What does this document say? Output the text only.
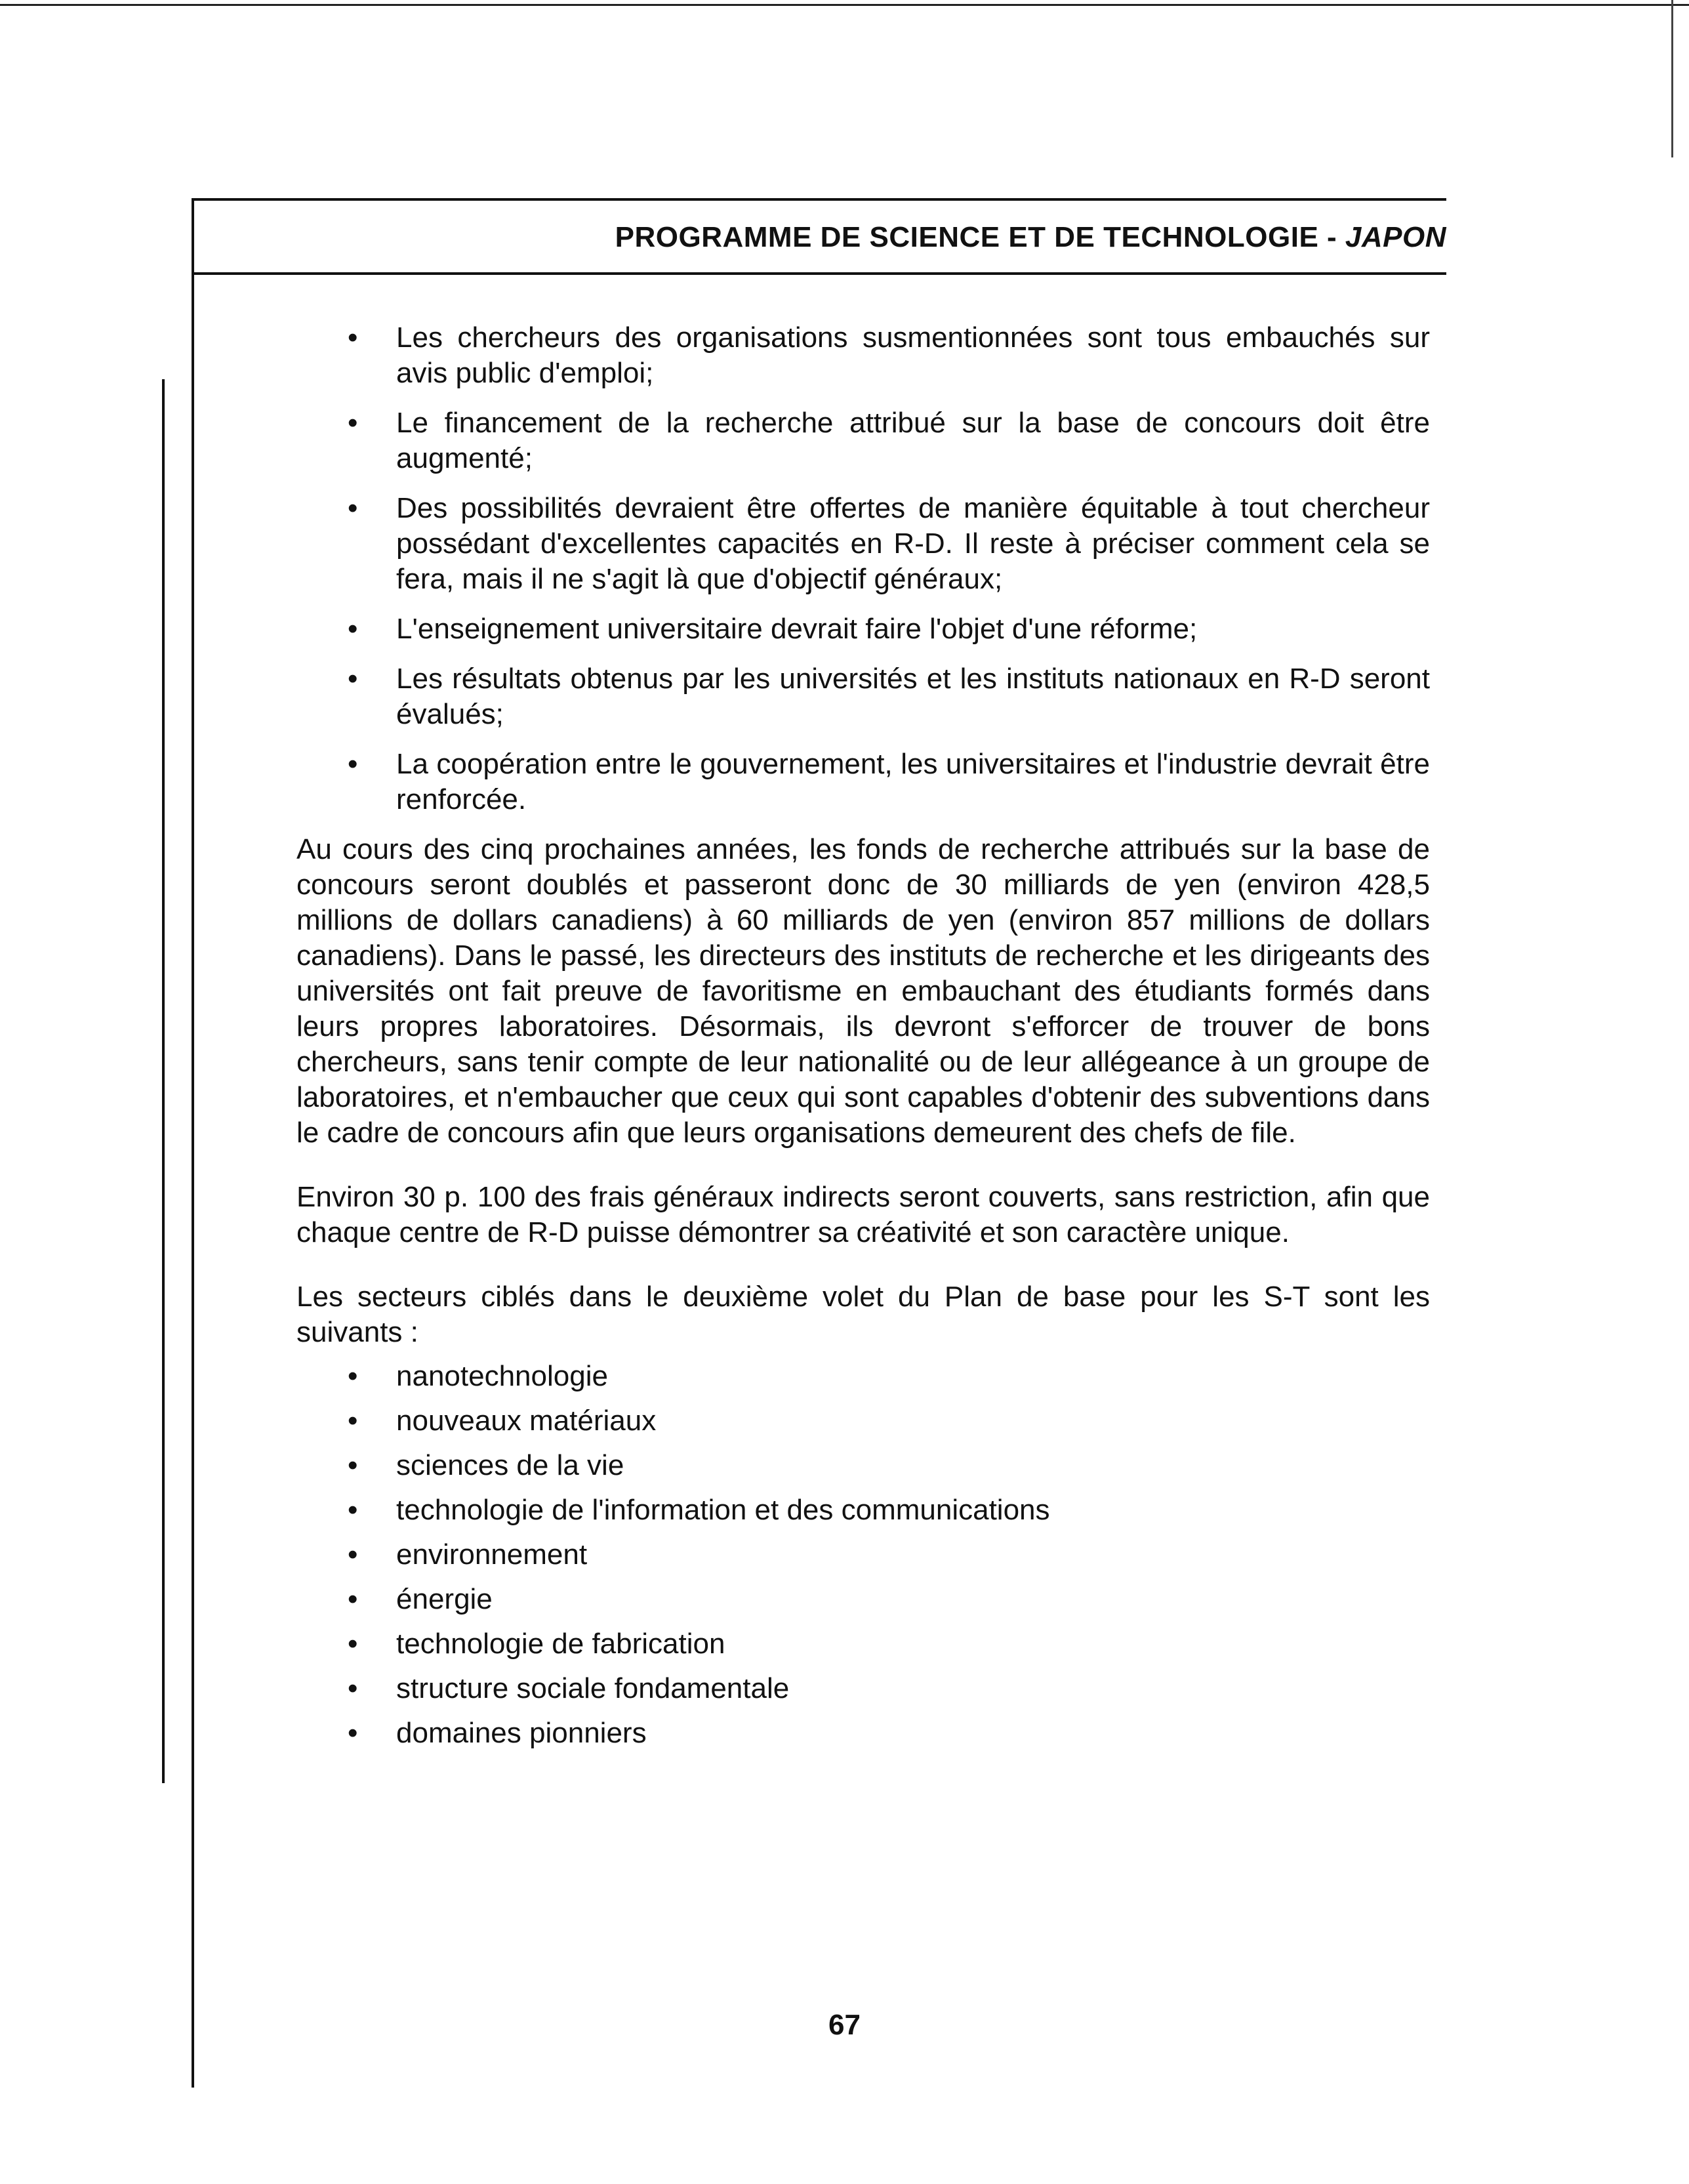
PROGRAMME DE SCIENCE ET DE TECHNOLOGIE - JAPON
• Les chercheurs des organisations susmentionnées sont tous embauchés sur avis public d'emploi;
• Le financement de la recherche attribué sur la base de concours doit être augmenté;
• Des possibilités devraient être offertes de manière équitable à tout chercheur possédant d'excellentes capacités en R-D. Il reste à préciser comment cela se fera, mais il ne s'agit là que d'objectif généraux;
• L'enseignement universitaire devrait faire l'objet d'une réforme;
• Les résultats obtenus par les universités et les instituts nationaux en R-D seront évalués;
• La coopération entre le gouvernement, les universitaires et l'industrie devrait être renforcée.

Au cours des cinq prochaines années, les fonds de recherche attribués sur la base de concours seront doublés et passeront donc de 30 milliards de yen (environ 428,5 millions de dollars canadiens) à 60 milliards de yen (environ 857 millions de dollars canadiens). Dans le passé, les directeurs des instituts de recherche et les dirigeants des universités ont fait preuve de favoritisme en embauchant des étudiants formés dans leurs propres laboratoires. Désormais, ils devront s'efforcer de trouver de bons chercheurs, sans tenir compte de leur nationalité ou de leur allégeance à un groupe de laboratoires, et n'embaucher que ceux qui sont capables d'obtenir des subventions dans le cadre de concours afin que leurs organisations demeurent des chefs de file.

Environ 30 p. 100 des frais généraux indirects seront couverts, sans restriction, afin que chaque centre de R-D puisse démontrer sa créativité et son caractère unique.

Les secteurs ciblés dans le deuxième volet du Plan de base pour les S-T sont les suivants :

• nanotechnologie
• nouveaux matériaux
• sciences de la vie
• technologie de l'information et des communications
• environnement
• énergie
• technologie de fabrication
• structure sociale fondamentale
• domaines pionniers
67
